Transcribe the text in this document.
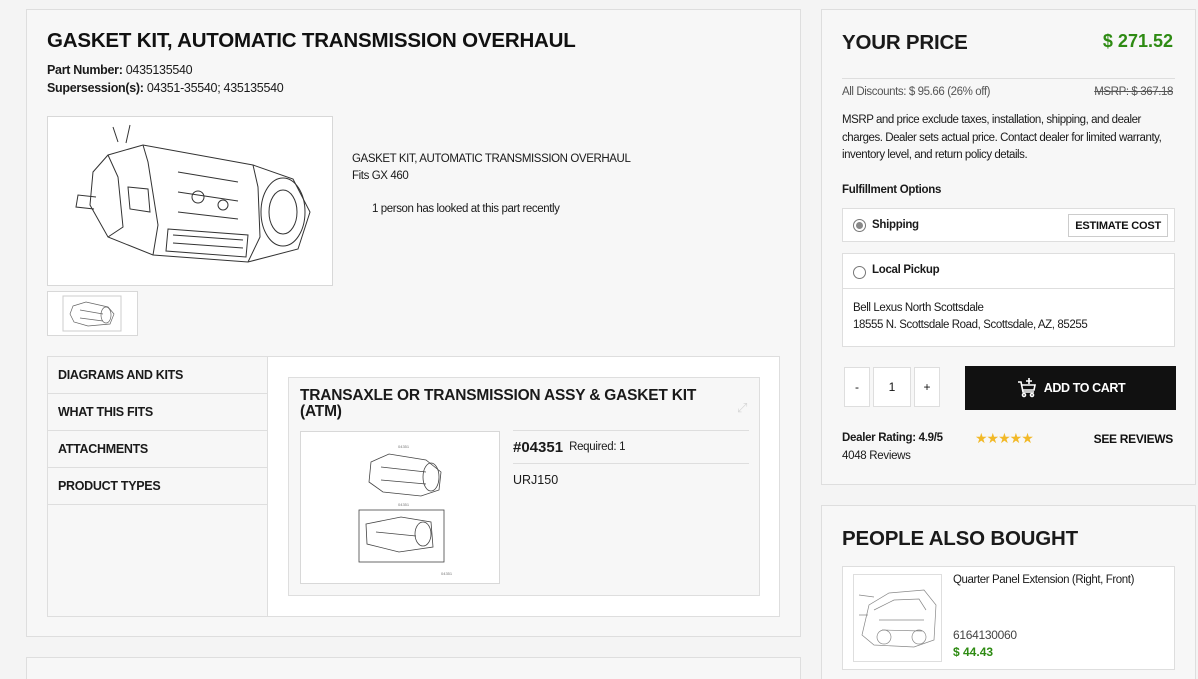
GASKET KIT, AUTOMATIC TRANSMISSION OVERHAUL
Part Number: 0435135540
Supersession(s): 04351-35540; 435135540
GASKET KIT, AUTOMATIC TRANSMISSION OVERHAUL
Fits GX 460
1 person has looked at this part recently
DIAGRAMS AND KITS
WHAT THIS FITS
ATTACHMENTS
PRODUCT TYPES
TRANSAXLE OR TRANSMISSION ASSY & GASKET KIT (ATM)	⤢
04351
04351
04351
#04351 Required: 1
URJ150
YOUR PRICE	$ 271.52
All Discounts: $ 95.66 (26% off)	MSRP: $ 367.18
MSRP and price exclude taxes, installation, shipping, and dealer charges. Dealer sets actual price. Contact dealer for limited warranty, inventory level, and return policy details.
Fulfillment Options
Shipping	ESTIMATE COST
Local Pickup
Bell Lexus North Scottsdale
18555 N. Scottsdale Road, Scottsdale, AZ, 85255
-
1	+	ADD TO CART
Dealer Rating: 4.9/5
4048 Reviews
★★★★★	SEE REVIEWS
PEOPLE ALSO BOUGHT
Quarter Panel Extension (Right, Front)
6164130060
$ 44.43
